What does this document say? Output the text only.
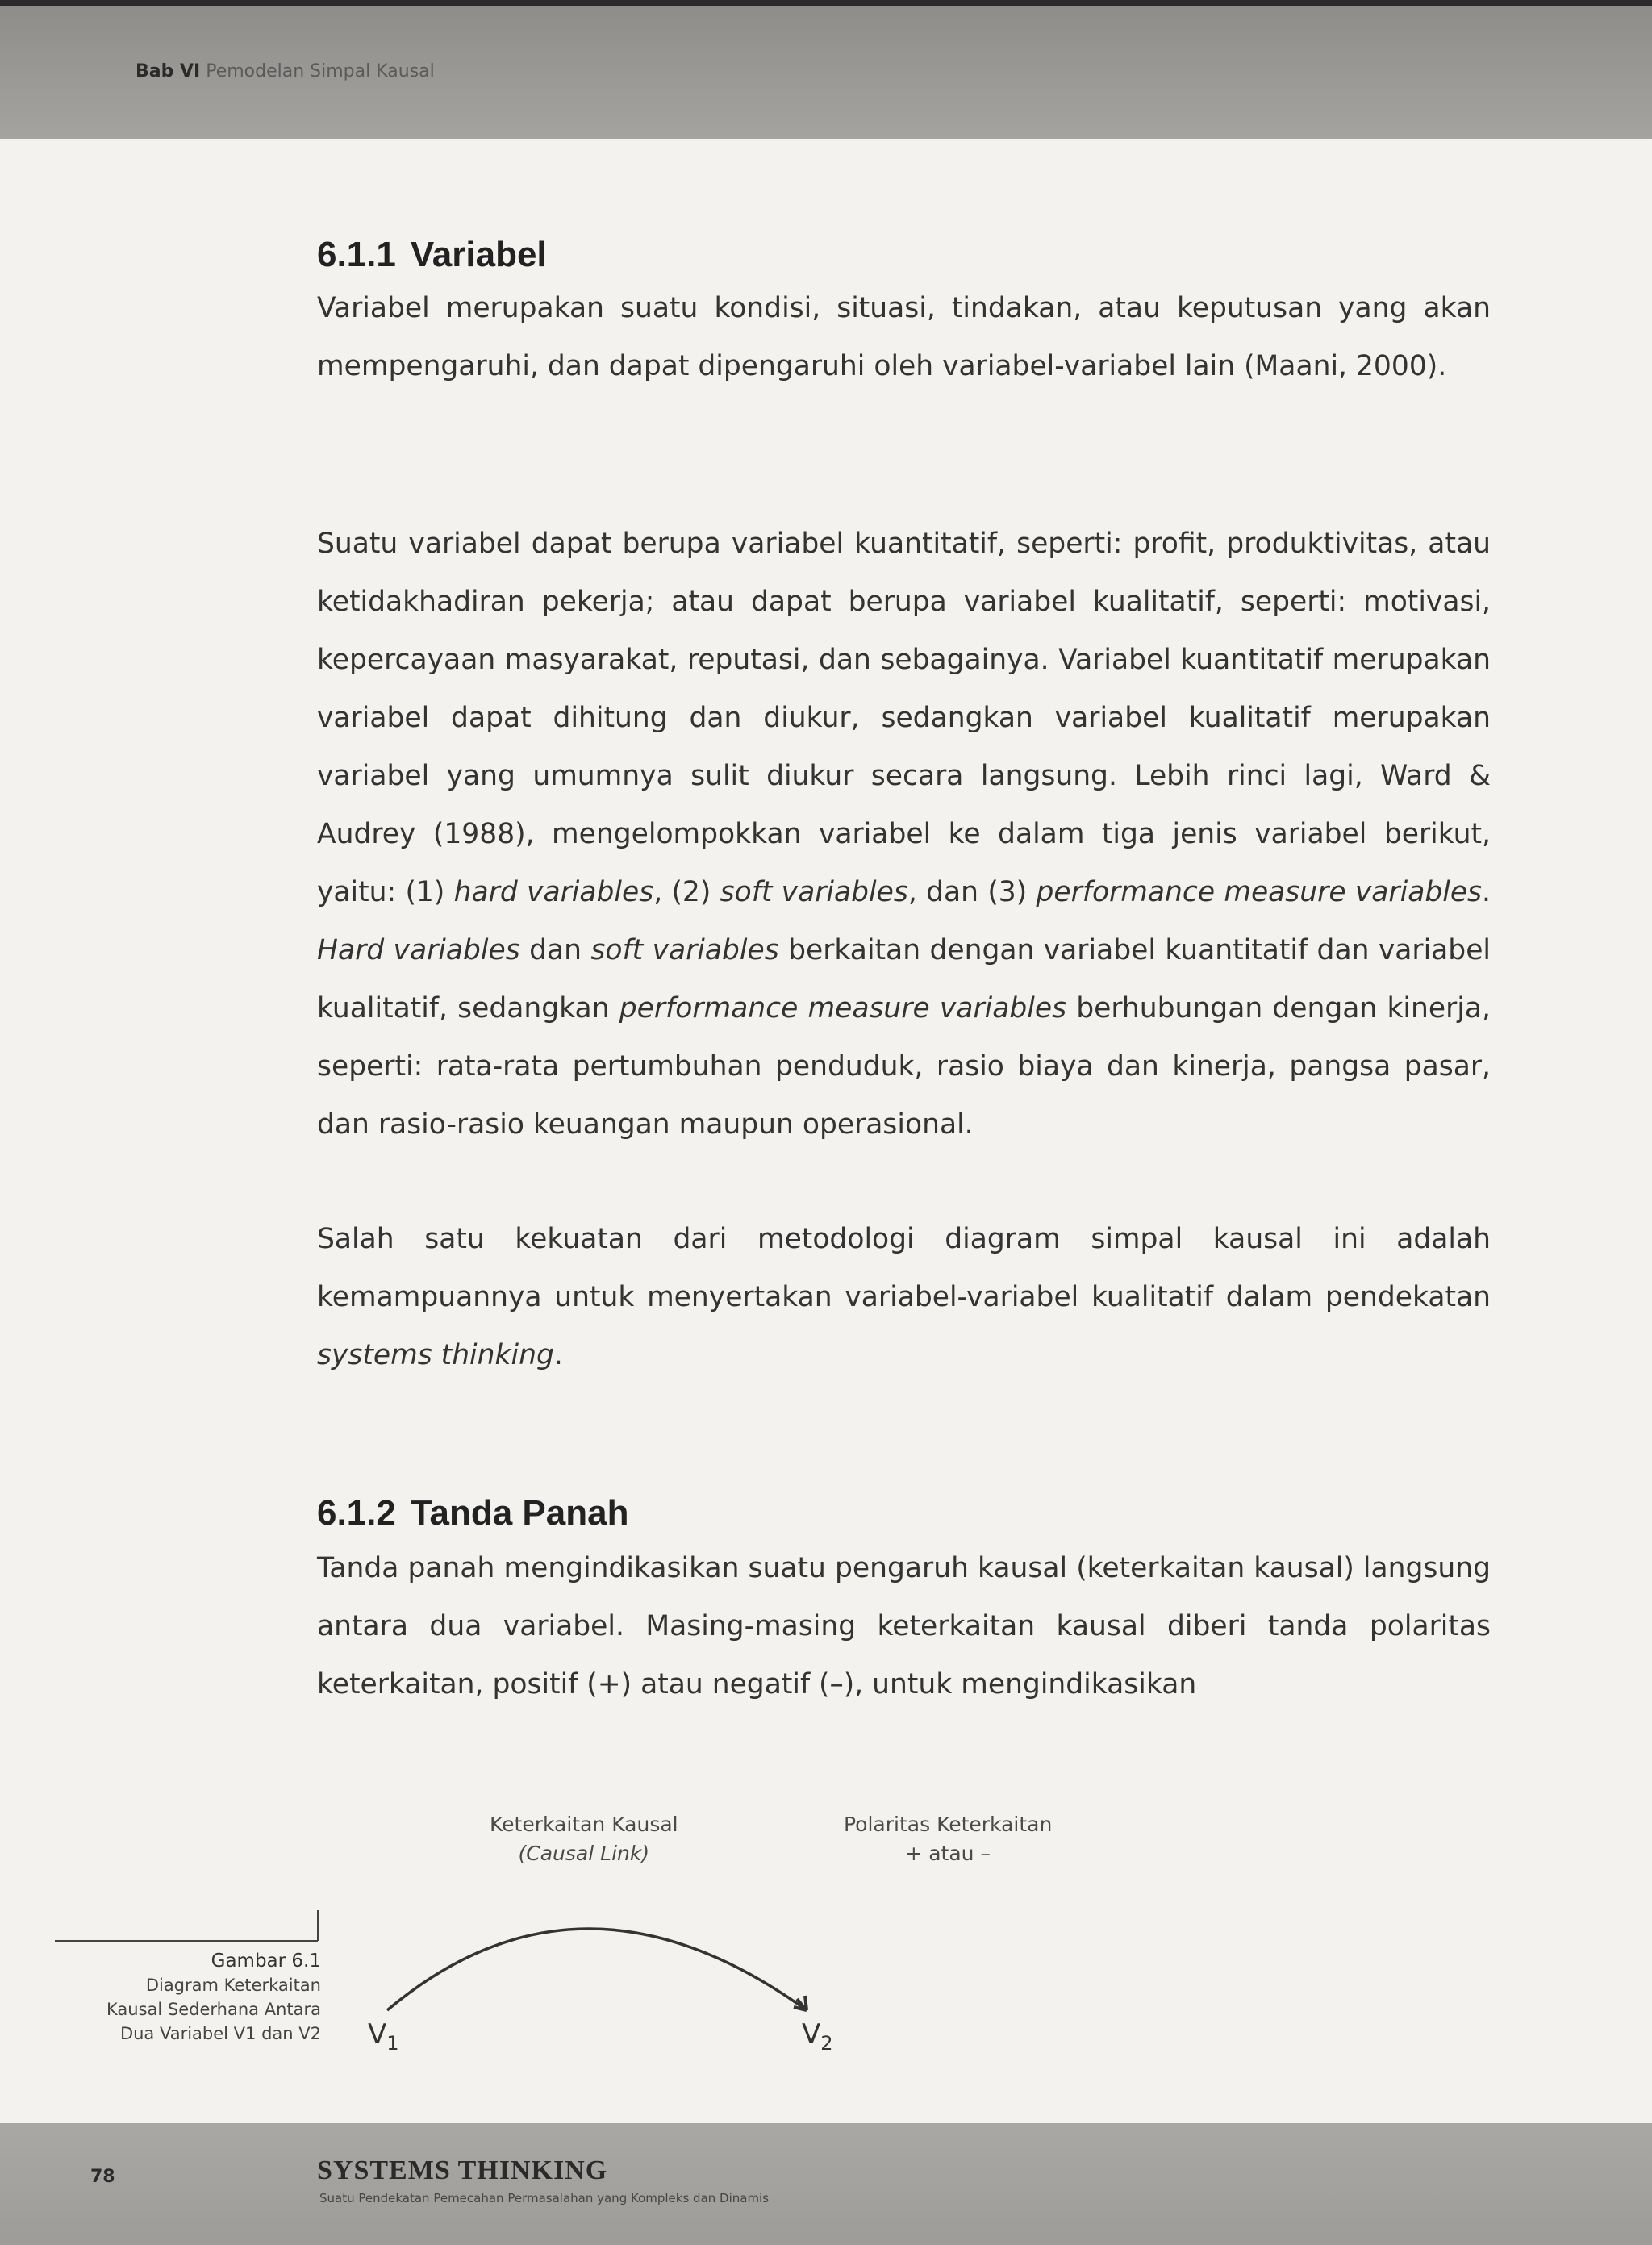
Bab VI Pemodelan Simpal Kausal
6.1.1 Variabel

Variabel merupakan suatu kondisi, situasi, tindakan, atau keputusan yang akan mempengaruhi, dan dapat dipengaruhi oleh variabel-variabel lain (Maani, 2000).

Suatu variabel dapat berupa variabel kuantitatif, seperti: profit, produktivitas, atau ketidakhadiran pekerja; atau dapat berupa variabel kualitatif, seperti: motivasi, kepercayaan masyarakat, reputasi, dan sebagainya. Variabel kuantitatif merupakan variabel dapat dihitung dan diukur, sedangkan variabel kualitatif merupakan variabel yang umumnya sulit diukur secara langsung. Lebih rinci lagi, Ward & Audrey (1988), mengelompokkan variabel ke dalam tiga jenis variabel berikut, yaitu: (1) hard variables, (2) soft variables, dan (3) performance measure variables. Hard variables dan soft variables berkaitan dengan variabel kuantitatif dan variabel kualitatif, sedangkan performance measure variables berhubungan dengan kinerja, seperti: rata-rata pertumbuhan penduduk, rasio biaya dan kinerja, pangsa pasar, dan rasio-rasio keuangan maupun operasional.

Salah satu kekuatan dari metodologi diagram simpal kausal ini adalah kemampuannya untuk menyertakan variabel-variabel kualitatif dalam pendekatan systems thinking.

6.1.2 Tanda Panah

Tanda panah mengindikasikan suatu pengaruh kausal (keterkaitan kausal) langsung antara dua variabel. Masing-masing keterkaitan kausal diberi tanda polaritas keterkaitan, positif (+) atau negatif (–), untuk mengindikasikan

Keterkaitan Kausal
(Causal Link)
Polaritas Keterkaitan
+ atau –
Gambar 6.1
Diagram Keterkaitan
Kausal Sederhana Antara
Dua Variabel V1 dan V2 $V_1$	$V_2$
78	SYSTEMS THINKING
Suatu Pendekatan Pemecahan Permasalahan yang Kompleks dan Dinamis
